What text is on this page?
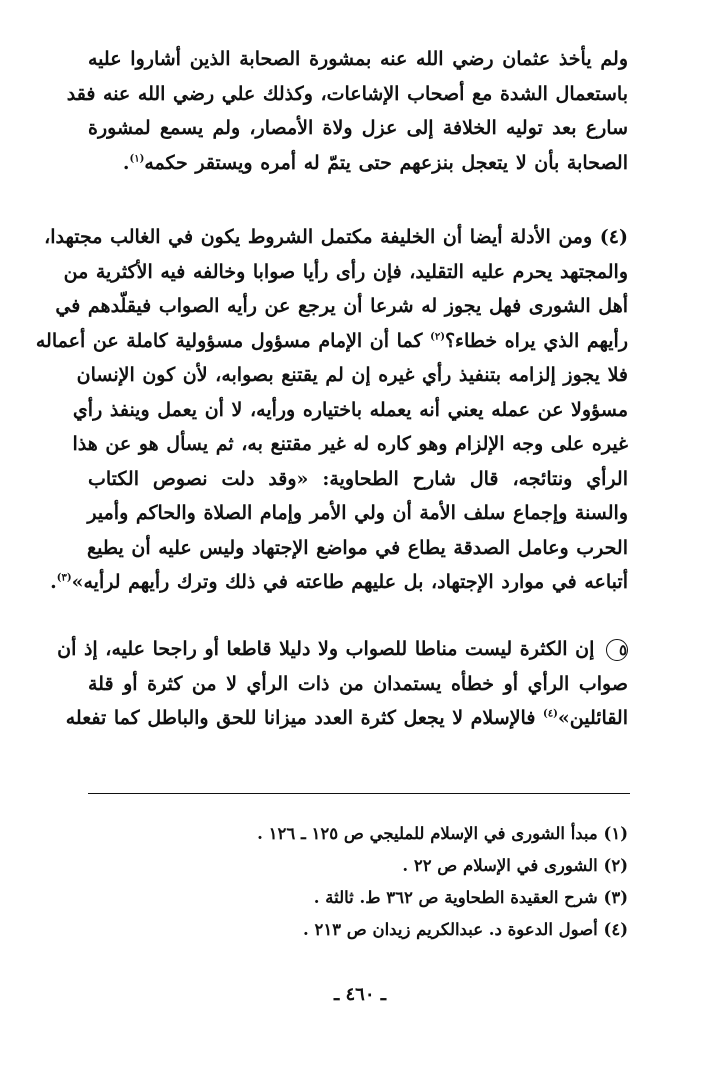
ولم يأخذ عثمان رضي الله عنه بمشورة الصحابة الذين أشاروا عليه
باستعمال الشدة مع أصحاب الإشاعات، وكذلك علي رضي الله عنه فقد
سارع بعد توليه الخلافة إلى عزل ولاة الأمصار، ولم يسمع لمشورة
الصحابة بأن لا يتعجل بنزعهم حتى يتمّ له أمره ويستقر حكمه$^{(١)}$.
(٤) ومن الأدلة أيضا أن الخليفة مكتمل الشروط يكون في الغالب مجتهدا،
والمجتهد يحرم عليه التقليد، فإن رأى رأيا صوابا وخالفه فيه الأكثرية من
أهل الشورى فهل يجوز له شرعا أن يرجع عن رأيه الصواب فيقلّدهم في
رأيهم الذي يراه خطاء؟$^{(٢)}$ كما أن الإمام مسؤول مسؤولية كاملة عن أعماله
فلا يجوز إلزامه بتنفيذ رأي غيره إن لم يقتنع بصوابه، لأن كون الإنسان
مسؤولا عن عمله يعني أنه يعمله باختياره ورأيه، لا أن يعمل وينفذ رأي
غيره على وجه الإلزام وهو كاره له غير مقتنع به، ثم يسأل هو عن هذا
الرأي ونتائجه، قال شارح الطحاوية: «وقد دلت نصوص الكتاب
والسنة وإجماع سلف الأمة أن ولي الأمر وإمام الصلاة والحاكم وأمير
الحرب وعامل الصدقة يطاع في مواضع الإجتهاد وليس عليه أن يطيع
أتباعه في موارد الإجتهاد، بل عليهم طاعته في ذلك وترك رأيهم لرأيه»$^{(٣)}$.
٥ إن الكثرة ليست مناطا للصواب ولا دليلا قاطعا أو راجحا عليه، إذ أن
صواب الرأي أو خطأه يستمدان من ذات الرأي لا من كثرة أو قلة
القائلين»$^{(٤)}$ فالإسلام لا يجعل كثرة العدد ميزانا للحق والباطل كما تفعله
(١) مبدأ الشورى في الإسلام للمليجي ص ١٢٥ ـ ١٢٦ .
(٢) الشورى في الإسلام ص ٢٢ .
(٣) شرح العقيدة الطحاوية ص ٣٦٢ ط. ثالثة .
(٤) أصول الدعوة د. عبدالكريم زيدان ص ٢١٣ .
ـ ٤٦٠ ـ
